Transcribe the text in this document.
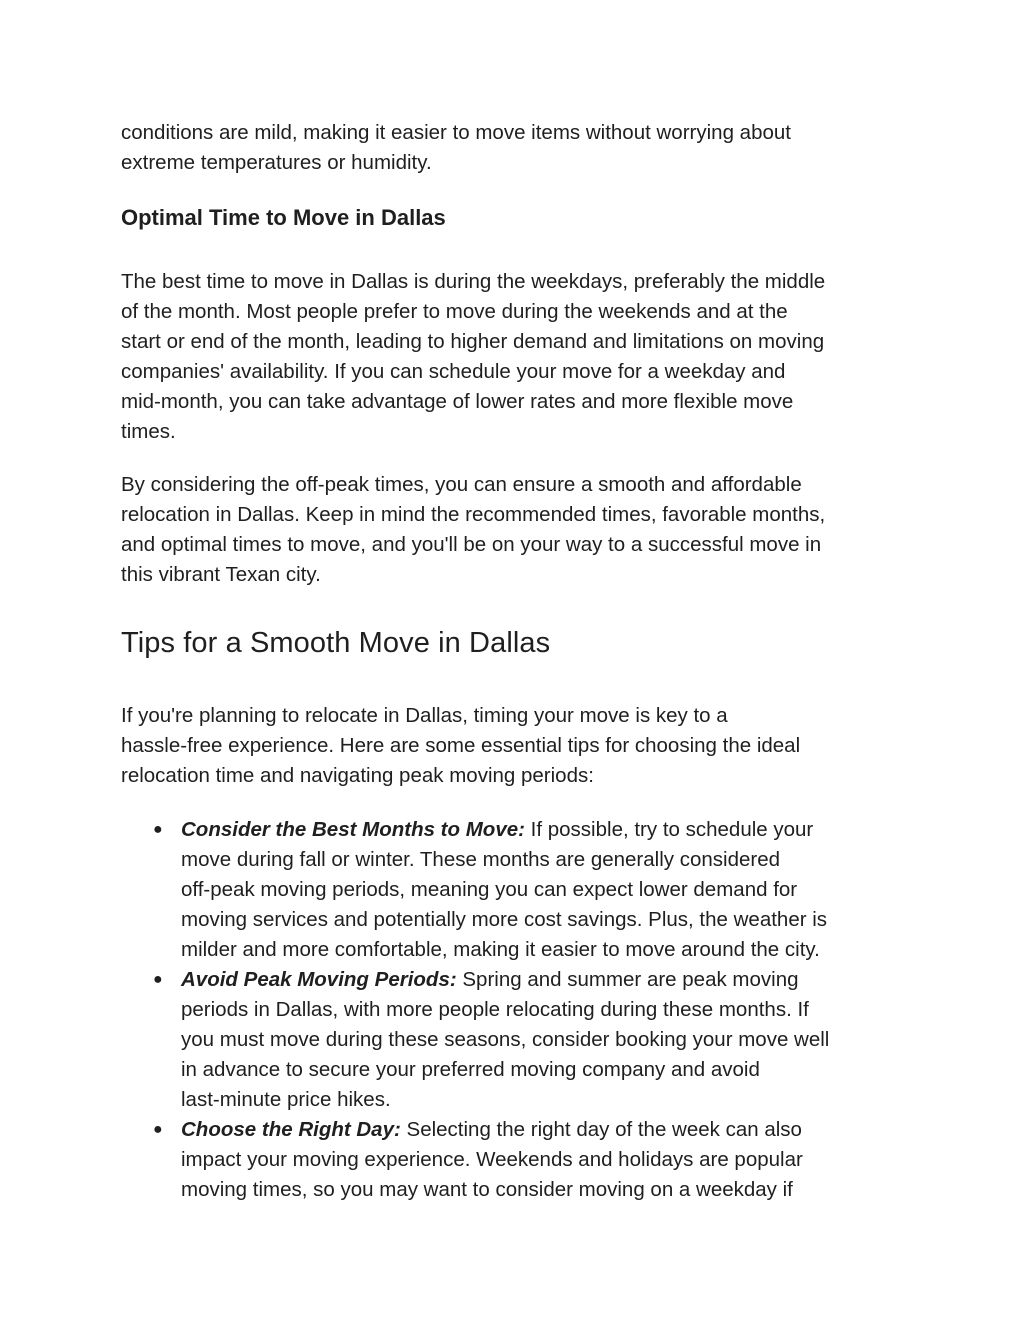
conditions are mild, making it easier to move items without worrying about
extreme temperatures or humidity.

Optimal Time to Move in Dallas

The best time to move in Dallas is during the weekdays, preferably the middle
of the month. Most people prefer to move during the weekends and at the
start or end of the month, leading to higher demand and limitations on moving
companies' availability. If you can schedule your move for a weekday and
mid-month, you can take advantage of lower rates and more flexible move
times.

By considering the off-peak times, you can ensure a smooth and affordable
relocation in Dallas. Keep in mind the recommended times, favorable months,
and optimal times to move, and you'll be on your way to a successful move in
this vibrant Texan city.

Tips for a Smooth Move in Dallas

If you're planning to relocate in Dallas, timing your move is key to a
hassle-free experience. Here are some essential tips for choosing the ideal
relocation time and navigating peak moving periods:

● Consider the Best Months to Move: If possible, try to schedule your
move during fall or winter. These months are generally considered
off-peak moving periods, meaning you can expect lower demand for
moving services and potentially more cost savings. Plus, the weather is
milder and more comfortable, making it easier to move around the city.
● Avoid Peak Moving Periods: Spring and summer are peak moving
periods in Dallas, with more people relocating during these months. If
you must move during these seasons, consider booking your move well
in advance to secure your preferred moving company and avoid
last-minute price hikes.
● Choose the Right Day: Selecting the right day of the week can also
impact your moving experience. Weekends and holidays are popular
moving times, so you may want to consider moving on a weekday if
